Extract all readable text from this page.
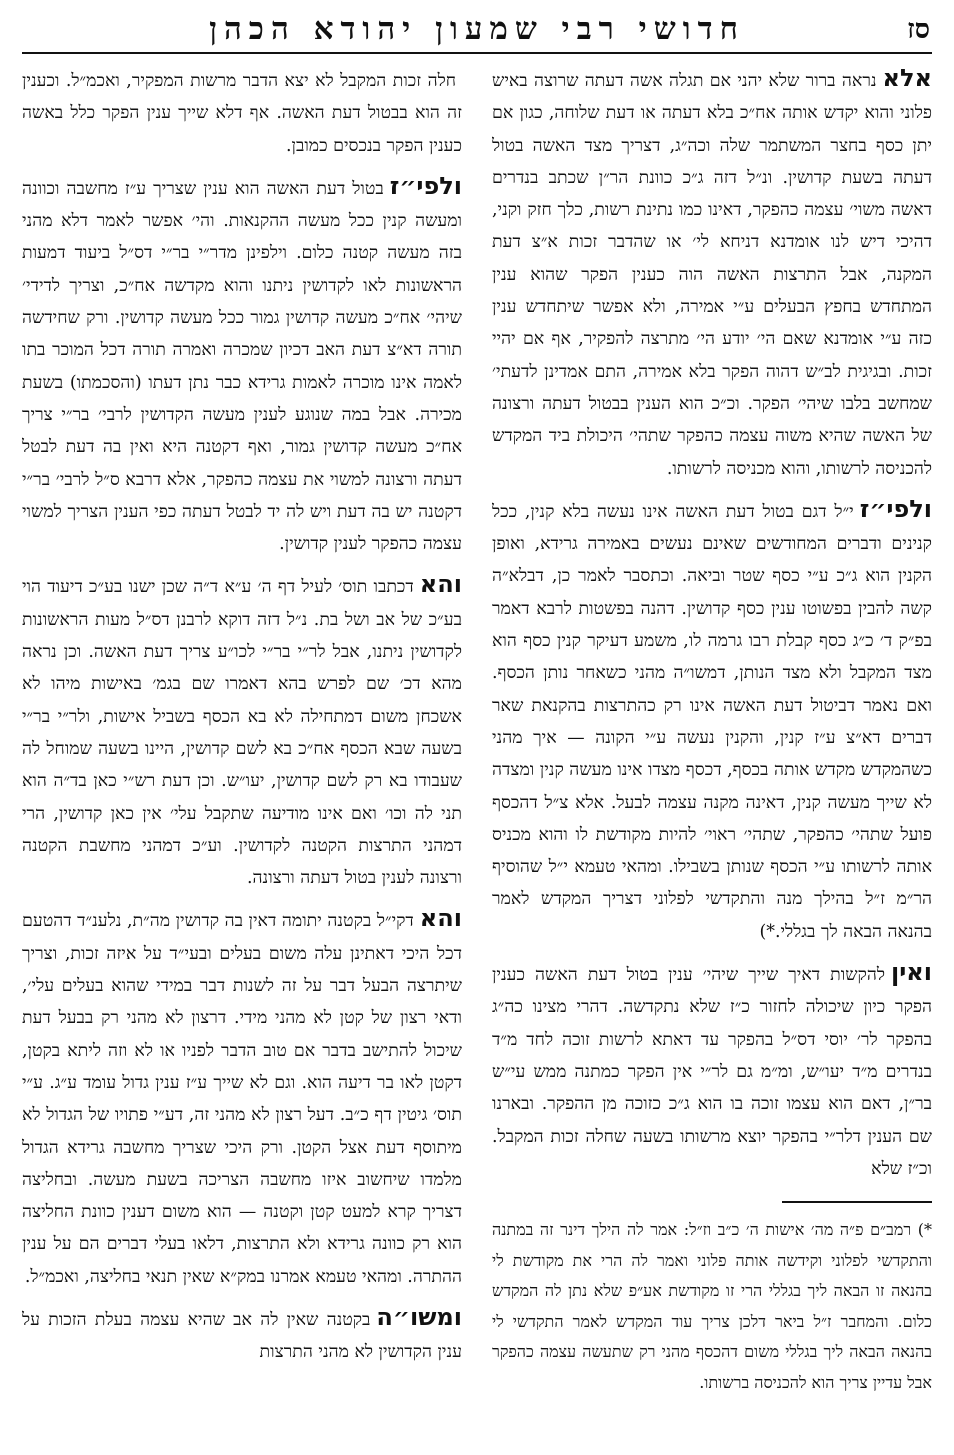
חדושי רבי שמעון יהודא הכהן	סז

אלאנראה ברור שלא יהני אם תגלה אשה דעתה שרוצה באיש פלוני והוא יקדש אותה אח״כ בלא דעתה או דעת שלוחה, כגון אם יתן כסף בחצר המשתמר שלה וכה״ג, דצריך מצד האשה בטול דעתה בשעת קדושין. ונ״ל דזה ג״כ כוונת הר״ן שכתב בנדרים דאשה משוי׳ עצמה כהפקר, דאינו כמו נתינת רשות, כלך חזק וקני, דהיכי דיש לנו אומדנא דניחא לי׳ או שהדבר זכות א״צ דעת המקנה, אבל התרצות האשה הוה כענין הפקר שהוא ענין המתחדש בחפץ הבעלים ע״י אמירה, ולא אפשר שיתחדש ענין כזה ע״י אומדנא שאם הי׳ יודע הי׳ מתרצה להפקיר, אף אם יהיי זכות. ובגיגית לב״ש דהוה הפקר בלא אמירה, התם אמדינן לדעתי׳ שמחשב בלבו שיהי׳ הפקר. וכ״כ הוא הענין בבטול דעתה ורצונה של האשה שהיא משוה עצמה כהפקר שתהי׳ היכולת ביד המקדש להכניסה לרשותו, והוא מכניסה לרשותו.

ולפי״זי״ל דגם בטול דעת האשה אינו נעשה בלא קנין, ככל קנינים ודברים המחודשים שאינם נעשים באמירה גרידא, ואופן הקנין הוא ג״כ ע״י כסף שטר וביאה. וכתסבר לאמר כן, דבלא״ה קשה להבין בפשוטו ענין כסף קדושין. דהנה בפשטות לרבא דאמר בפ״ק ד׳ כ״ג כסף קבלת רבו גרמה לו, משמע דעיקר קנין כסף הוא מצד המקבל ולא מצד הנותן, דמשו״ה מהני כשאחר נותן הכסף. ואם נאמר דביטול דעת האשה אינו רק כהתרצות בהקנאת שאר דברים דא״צ ע״ז קנין, והקנין נעשה ע״י הקונה — איך מהני כשהמקדש מקדש אותה בכסף, דכסף מצדו אינו מעשה קנין ומצדה לא שייך מעשה קנין, דאינה מקנה עצמה לבעל. אלא צ״ל דהכסף פועל שתהי׳ כהפקר, שתהי׳ ראוי׳ להיות מקודשת לו והוא מכניס אותה לרשותו ע״י הכסף שנותן בשבילו. ומהאי טעמא י״ל שהוסיף הר״מ ז״ל בהילך מנה והתקדשי לפלוני דצריך המקדש לאמר בהנאה הבאה לך בגללי.*)

ואיןלהקשות דאיך שייך שיהי׳ ענין בטול דעת האשה כענין הפקר כיון שיכולה לחזור כ״ז שלא נתקדשה. דהרי מצינו כה״ג בהפקר לר׳ יוסי דס״ל בהפקר עד דאתא לרשות זוכה לחד מ״ד בנדרים מ״ד יעו״ש, ומ״מ גם לר״י אין הפקר כמתנה ממש עי״ש בר״ן, דאם הוא עצמו זוכה בו הוא ג״כ כזוכה מן ההפקר. ובארנו שם הענין דלר״י בהפקר יוצא מרשותו בשעה שחלה זכות המקבל. וכ״ז שלא

*) רמב״ם פ״ה מה׳ אישות ה׳ כ״ב וז״ל: אמר לה הילך דינר זה במתנה והתקדשי לפלוני וקידשה אותה פלוני ואמר לה הרי את מקודשת לי בהנאה זו הבאה ליך בגללי הרי זו מקודשת אע״פ שלא נתן לה המקדש כלום. והמחבר ז״ל ביאר דלכן צריך עוד המקדש לאמר התקדשי לי בהנאה הבאה ליך בגללי משום דהכסף מהני רק שתעשה עצמה כהפקר אבל עדיין צריך הוא להכניסה ברשותו.

חלה זכות המקבל לא יצא הדבר מרשות המפקיר, ואכמ״ל. וכענין זה הוא בבטול דעת האשה. אף דלא שייך ענין הפקר כלל באשה כענין הפקר בנכסים כמובן.

ולפי״זבטול דעת האשה הוא ענין שצריך ע״ז מחשבה וכוונה ומעשה קנין ככל מעשה ההקנאות. והי׳ אפשר לאמר דלא מהני בזה מעשה קטנה כלום. וילפינן מדר״י בר״י דס״ל ביעוד דמעות הראשונות לאו לקדושין ניתנו והוא מקדשה אח״כ, וצריך לדידי׳ שיהי׳ אח״כ מעשה קדושין גמור ככל מעשה קדושין. ורק שחידשה תורה דא״צ דעת האב דכיון שמכרה ואמרה תורה דכל המוכר בתו לאמה אינו מוכרה לאמות גרידא כבר נתן דעתו (והסכמתו) בשעת מכירה. אבל במה שנוגע לענין מעשה הקדושין לרבי׳ בר״י צריך אח״כ מעשה קדושין גמור, ואף דקטנה היא ואין בה דעת לבטל דעתה ורצונה למשוי את עצמה כהפקר, אלא דרבא ס״ל לרבי׳ בר״י דקטנה יש בה דעת ויש לה יד לבטל דעתה כפי הענין הצריך למשוי עצמה כהפקר לענין קדושין.

והאדכתבו תוס׳ לעיל דף ה׳ ע״א ד״ה שכן ישנו בע״כ דיעוד הוי בע״כ של אב ושל בת. נ״ל דזה דוקא לרבנן דס״ל מעות הראשונות לקדושין ניתנו, אבל לר״י בר״י לכו״ע צריך דעת האשה. וכן נראה מהא דכ׳ שם לפרש בהא דאמרו שם בגמ׳ באישות מיהו לא אשכחן משום דמתחילה לא בא הכסף בשביל אישות, ולר״י בר״י בשעה שבא הכסף אח״כ בא לשם קדושין, היינו בשעה שמוחל לה שעבודו בא רק לשם קדושין, יעו״ש. וכן דעת רש״י כאן בד״ה הוא תני לה וכו׳ ואם אינו מודיעה שתקבל עלי׳ אין כאן קדושין, הרי דמהני התרצות הקטנה לקדושין. וע״כ דמהני מחשבת הקטנה ורצונה לענין בטול דעתה ורצונה.

והאדקי״ל בקטנה יתומה דאין בה קדושין מה״ת, נלענ״ד דהטעם דכל היכי דאתינן עלה משום בעלים ובעי״ד על איזה זכות, וצריך שיתרצה הבעל דבר על זה לשנות דבר במידי שהוא בעלים עלי׳, ודאי רצון של קטן לא מהני מידי. דרצון לא מהני רק בבעל דעת שיכול להתישב בדבר אם טוב הדבר לפניו או לא וזה ליתא בקטן, דקטן לאו בר דיעה הוא. וגם לא שייך ע״ז ענין גדול עומד ע״ג. ע״י תוס׳ גיטין דף כ״ב. דעל רצון לא מהני זה, דע״י פתויו של הגדול לא מיתוסף דעת אצל הקטן. ורק היכי שצריך מחשבה גרידא הגדול מלמדו שיחשוב איזו מחשבה הצריכה בשעת מעשה. ובחליצה דצריך קרא למעט קטן וקטנה — הוא משום דענין כוונת החליצה הוא רק כוונה גרידא ולא התרצות, דלאו בעלי דברים הם על ענין ההתרה. ומהאי טעמא אמרנו במק״א שאין תנאי בחליצה, ואכמ״ל.

ומשו״הבקטנה שאין לה אב שהיא עצמה בעלת הזכות על ענין הקדושין לא מהני התרצות
